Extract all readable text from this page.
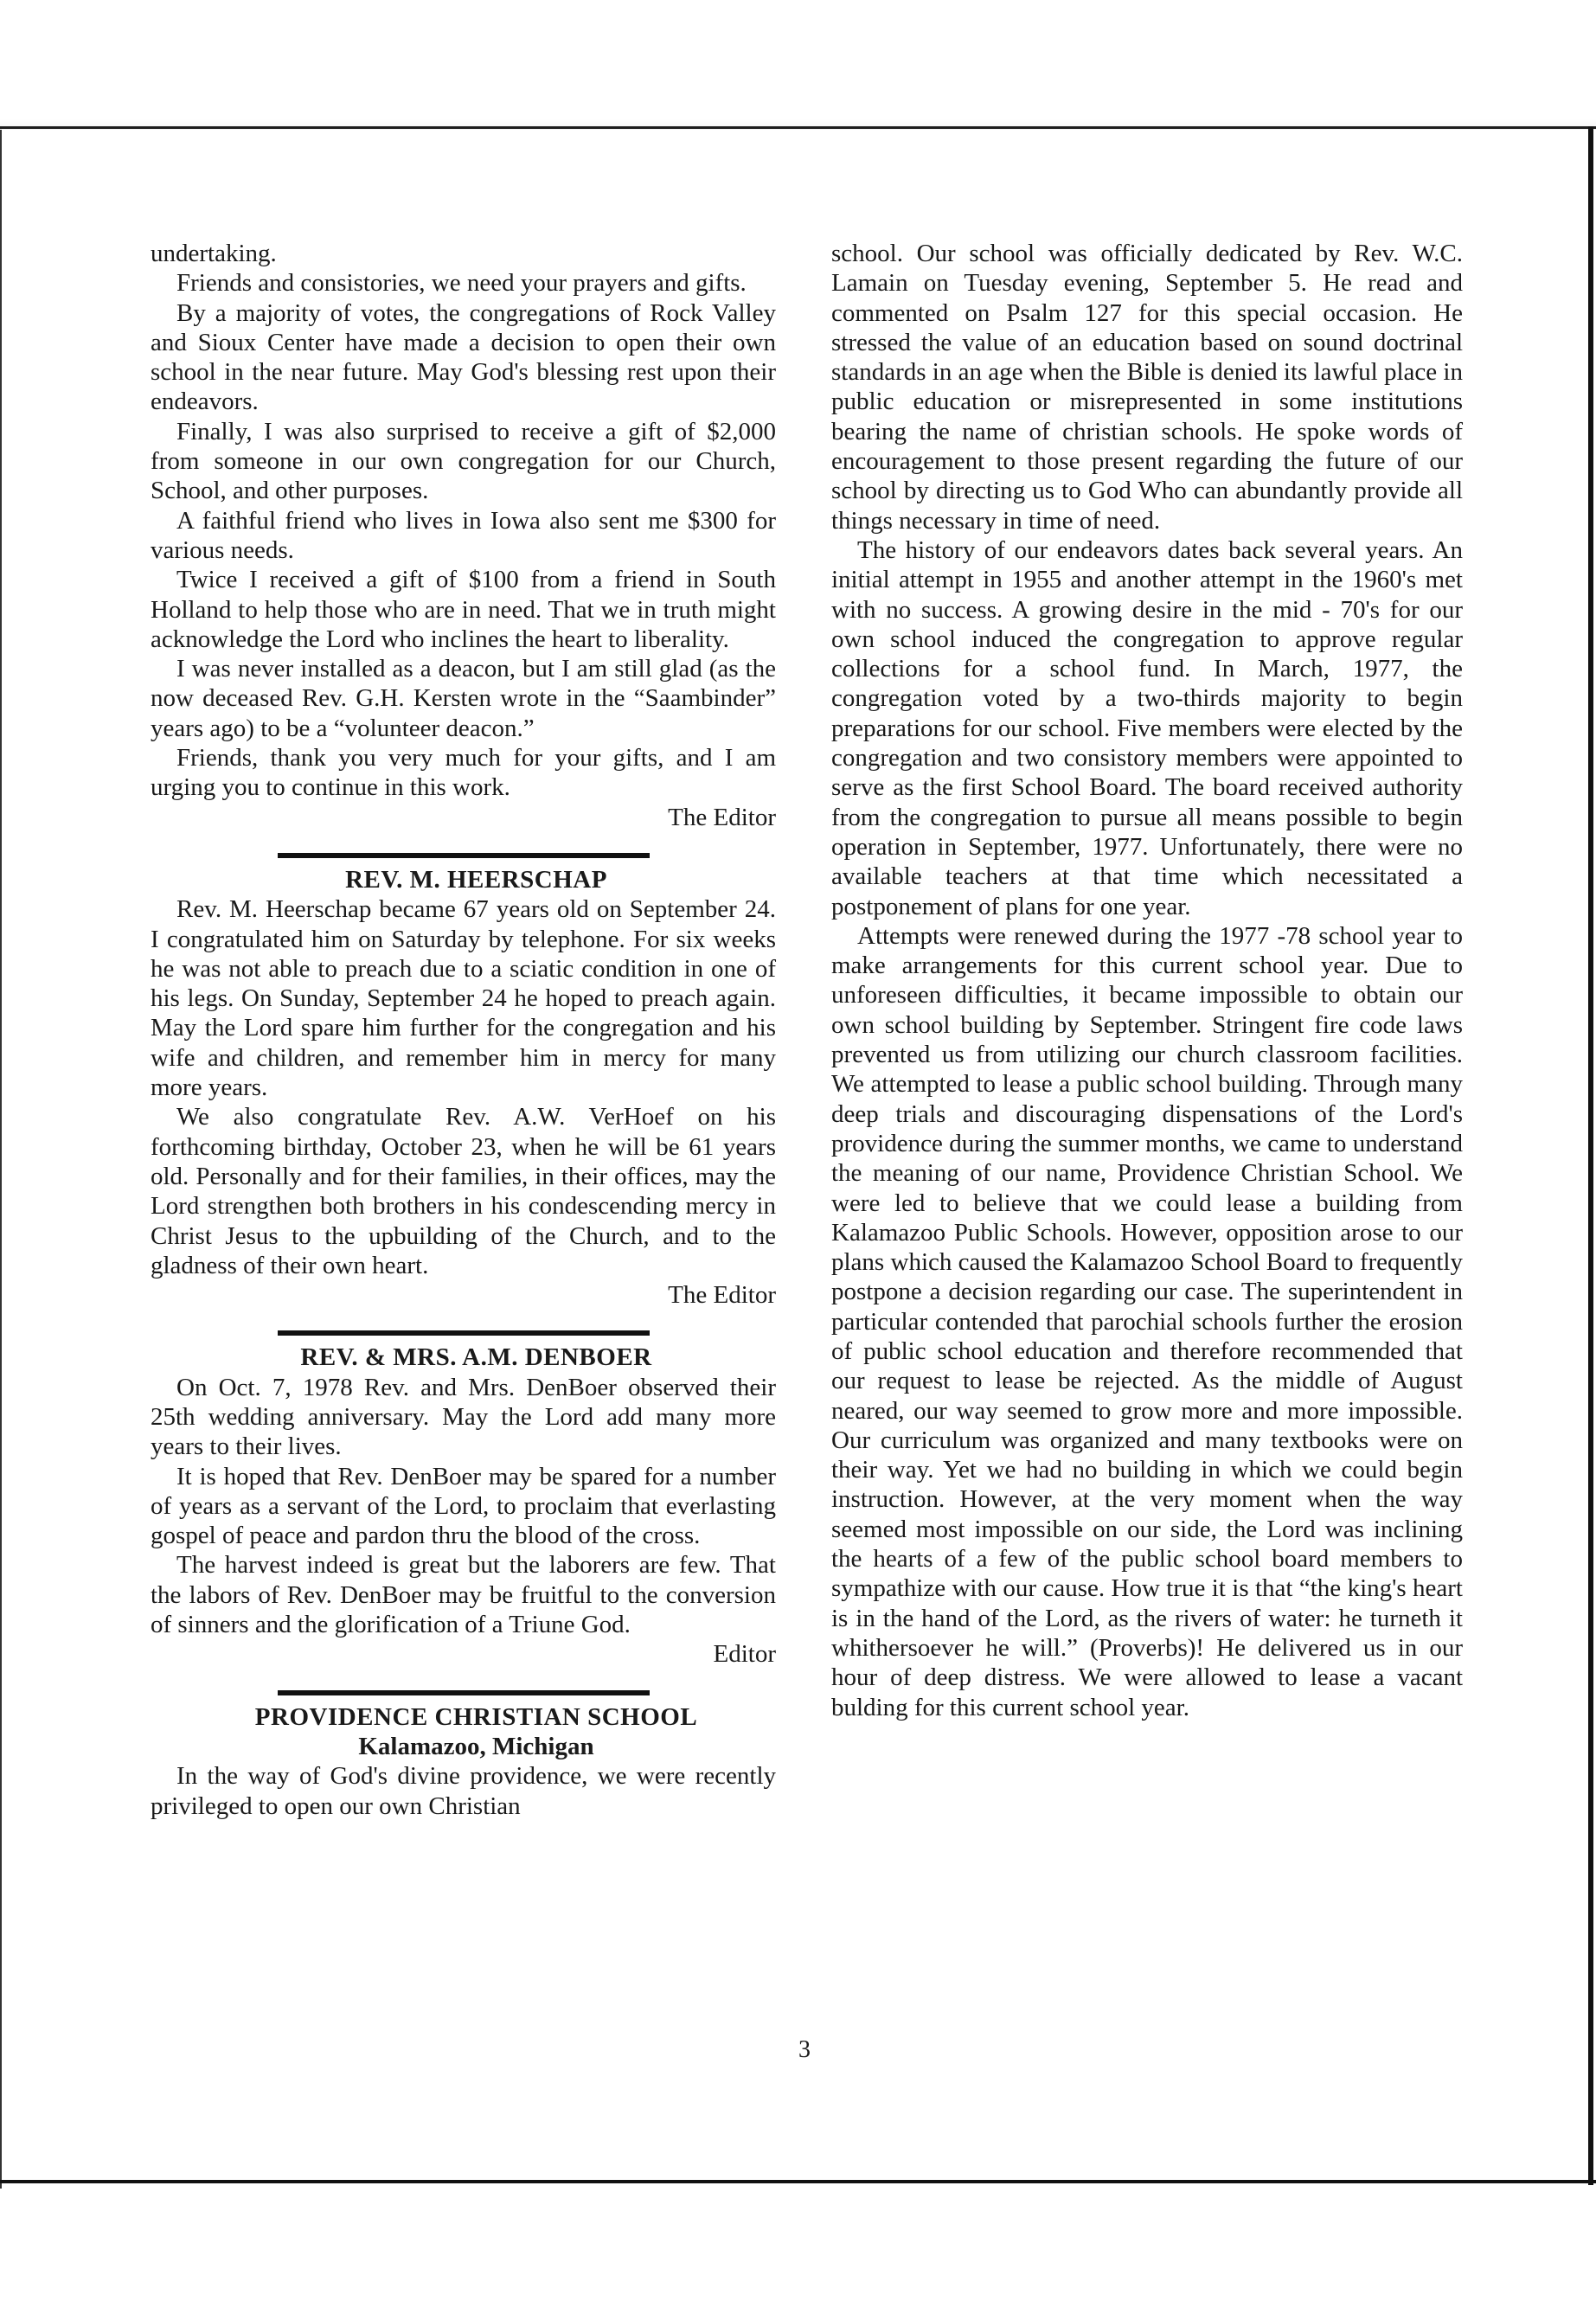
undertaking.

Friends and consistories, we need your prayers and gifts.

By a majority of votes, the congregations of Rock Valley and Sioux Center have made a decision to open their own school in the near future. May God's blessing rest upon their endeavors.

Finally, I was also surprised to receive a gift of $2,000 from someone in our own congregation for our Church, School, and other purposes.

A faithful friend who lives in Iowa also sent me $300 for various needs.

Twice I received a gift of $100 from a friend in South Holland to help those who are in need. That we in truth might acknowledge the Lord who inclines the heart to liberality.

I was never installed as a deacon, but I am still glad (as the now deceased Rev. G.H. Kersten wrote in the “Saambinder” years ago) to be a “volunteer deacon.”

Friends, thank you very much for your gifts, and I am urging you to continue in this work.

The Editor

REV. M. HEERSCHAP

Rev. M. Heerschap became 67 years old on September 24. I congratulated him on Saturday by telephone. For six weeks he was not able to preach due to a sciatic condition in one of his legs. On Sunday, September 24 he hoped to preach again. May the Lord spare him further for the congregation and his wife and children, and remember him in mercy for many more years.

We also congratulate Rev. A.W. VerHoef on his forthcoming birthday, October 23, when he will be 61 years old. Personally and for their families, in their offices, may the Lord strengthen both brothers in his condescending mercy in Christ Jesus to the upbuilding of the Church, and to the gladness of their own heart.

The Editor

REV. & MRS. A.M. DENBOER

On Oct. 7, 1978 Rev. and Mrs. DenBoer observed their 25th wedding anniversary. May the Lord add many more years to their lives.

It is hoped that Rev. DenBoer may be spared for a number of years as a servant of the Lord, to proclaim that everlasting gospel of peace and pardon thru the blood of the cross.

The harvest indeed is great but the laborers are few. That the labors of Rev. DenBoer may be fruitful to the conversion of sinners and the glorification of a Triune God.

Editor

PROVIDENCE CHRISTIAN SCHOOL

Kalamazoo, Michigan

In the way of God's divine providence, we were recently privileged to open our own Christian

school. Our school was officially dedicated by Rev. W.C. Lamain on Tuesday evening, September 5. He read and commented on Psalm 127 for this special occasion. He stressed the value of an education based on sound doctrinal standards in an age when the Bible is denied its lawful place in public education or misrepresented in some institutions bearing the name of christian schools. He spoke words of encouragement to those present regarding the future of our school by directing us to God Who can abundantly provide all things necessary in time of need.

The history of our endeavors dates back several years. An initial attempt in 1955 and another attempt in the 1960's met with no success. A growing desire in the mid - 70's for our own school induced the congregation to approve regular collections for a school fund. In March, 1977, the congregation voted by a two-thirds majority to begin preparations for our school. Five members were elected by the congregation and two consistory members were appointed to serve as the first School Board. The board received authority from the congregation to pursue all means possible to begin operation in September, 1977. Unfortunately, there were no available teachers at that time which necessitated a postponement of plans for one year.

Attempts were renewed during the 1977 -78 school year to make arrangements for this current school year. Due to unforeseen difficulties, it became impossible to obtain our own school building by September. Stringent fire code laws prevented us from utilizing our church classroom facilities. We attempted to lease a public school building. Through many deep trials and discouraging dispensations of the Lord's providence during the summer months, we came to understand the meaning of our name, Providence Christian School. We were led to believe that we could lease a building from Kalamazoo Public Schools. However, opposition arose to our plans which caused the Kalamazoo School Board to frequently postpone a decision regarding our case. The superintendent in particular contended that parochial schools further the erosion of public school education and therefore recommended that our request to lease be rejected. As the middle of August neared, our way seemed to grow more and more impossible. Our curriculum was organized and many textbooks were on their way. Yet we had no building in which we could begin instruction. However, at the very moment when the way seemed most impossible on our side, the Lord was inclining the hearts of a few of the public school board members to sympathize with our cause. How true it is that “the king's heart is in the hand of the Lord, as the rivers of water: he turneth it whithersoever he will.” (Proverbs)! He delivered us in our hour of deep distress. We were allowed to lease a vacant bulding for this current school year.

3
